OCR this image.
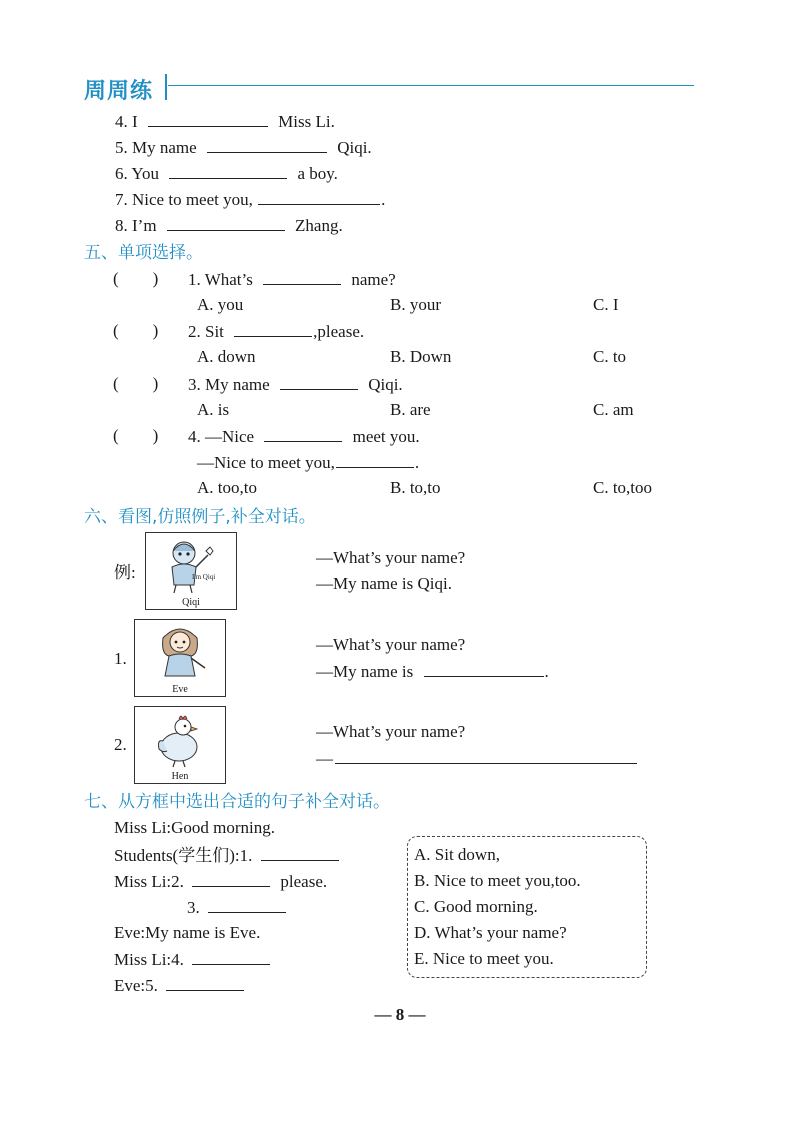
周周练
4. I	Miss Li.
5. My name	Qiqi.
6. You	a boy.
7. Nice to meet you,	.
8. I’m	Zhang.
五、单项选择。
(　　) 1. What’s	name?
A. you	B. your	C. I
(　　) 2. Sit	,please.
A. down	B. Down	C. to
(　　) 3. My name	Qiqi.
A. is	B. are	C. am
(　　) 4. —Nice	meet you.
—Nice to meet you,	.
A. too,to	B. to,to	C. to,too
六、看图,仿照例子,补全对话。
例:	I'm Qiqi
Qiqi
—What’s your name?
—My name is Qiqi.
1.
Eve
—What’s your name?
—My name is	.
2.
Hen
—What’s your name?
—
七、从方框中选出合适的句子补全对话。
Miss Li:Good morning.
Students(学生们):1.
Miss Li:2.	please.
3.
Eve:My name is Eve.
Miss Li:4.
Eve:5.
A. Sit down,
B. Nice to meet you,too.
C. Good morning.
D. What’s your name?
E. Nice to meet you.
— 8 —
